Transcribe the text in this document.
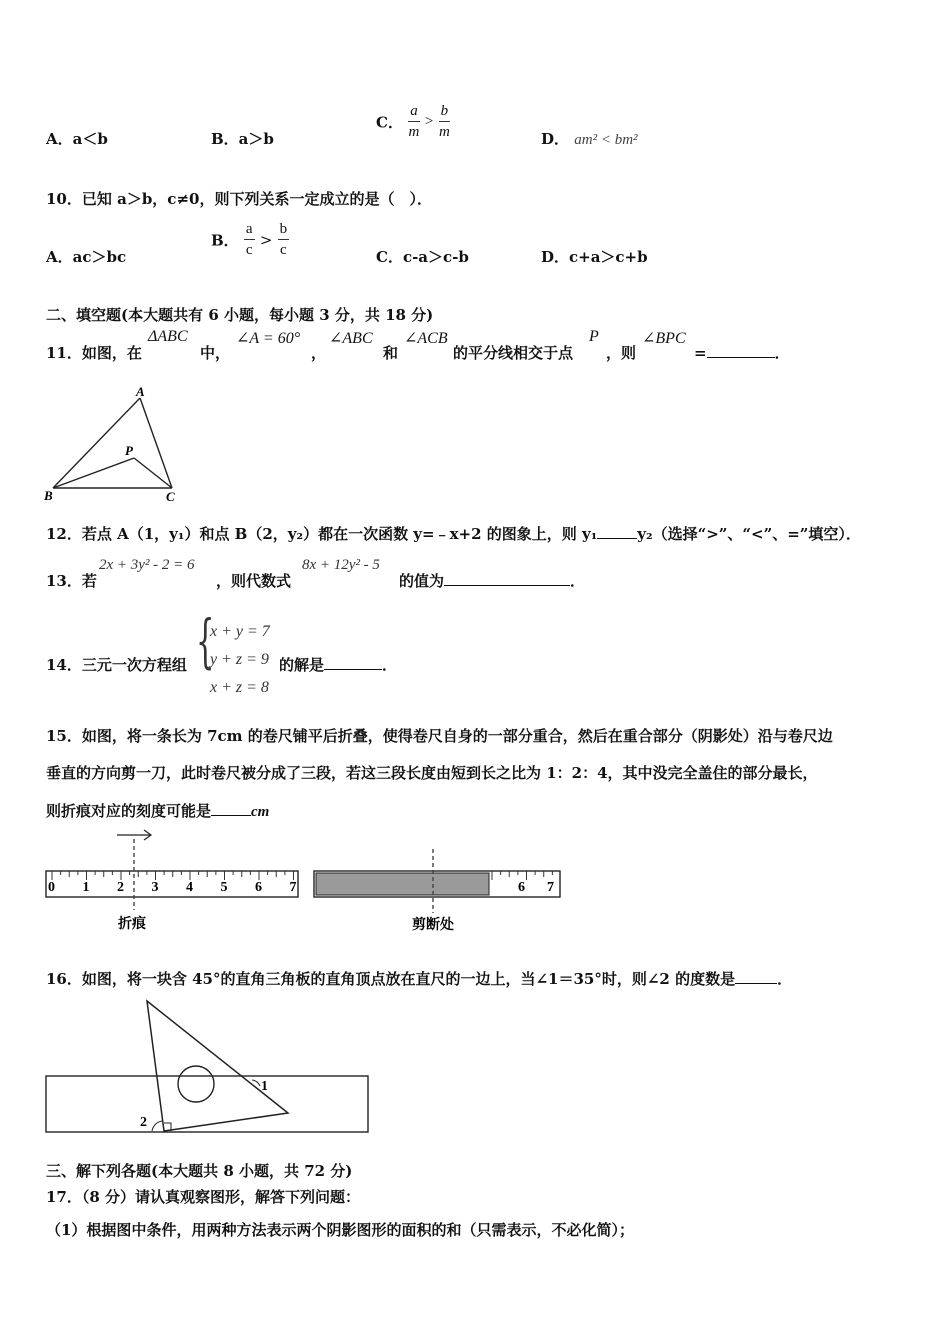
A．a＜b	B．a＞b
C． $\frac{a}{m} > \frac{b}{m}$	D． am² < bm²
10．已知 a＞b，c≠0，则下列关系一定成立的是（　）．
A．ac＞bc
B． $\frac{a}{c} > \frac{b}{c}$	C．c-a＞c-b	D．c+a＞c+b
二、填空题(本大题共有 6 小题，每小题 3 分，共 18 分)
11．如图，在
ΔABC
中，
∠A = 60°
，
∠ABC
和
∠ACB
的平分线相交于点
P
，则
∠BPC
=	．
A
B	C
P
12．若点 A（1，y₁）和点 B（2，y₂）都在一次函数 y=﹣x+2 的图象上，则 y₁	y₂（选择“>”、“<”、=”填空）．
13．若
2x + 3y² - 2 = 6
，则代数式
8x + 12y² - 5
的值为	．
14．三元一次方程组 {
x + y = 7
y + z = 9
x + z = 8
的解是	．
15．如图，将一条长为 7cm 的卷尺铺平后折叠，使得卷尺自身的一部分重合，然后在重合部分（阴影处）沿与卷尺边
垂直的方向剪一刀，此时卷尺被分成了三段，若这三段长度由短到长之比为 1：2：4，其中没完全盖住的部分最长，
则折痕对应的刻度可能是	cm
0 1 2 3 4 5 6 7
折痕
6 7
剪断处
16．如图，将一块含 45°的直角三角板的直角顶点放在直尺的一边上，当∠1＝35°时，则∠2 的度数是	．
1
2
三、解下列各题(本大题共 8 小题，共 72 分)
17．（8 分）请认真观察图形，解答下列问题：
（1）根据图中条件，用两种方法表示两个阴影图形的面积的和（只需表示，不必化简）；
